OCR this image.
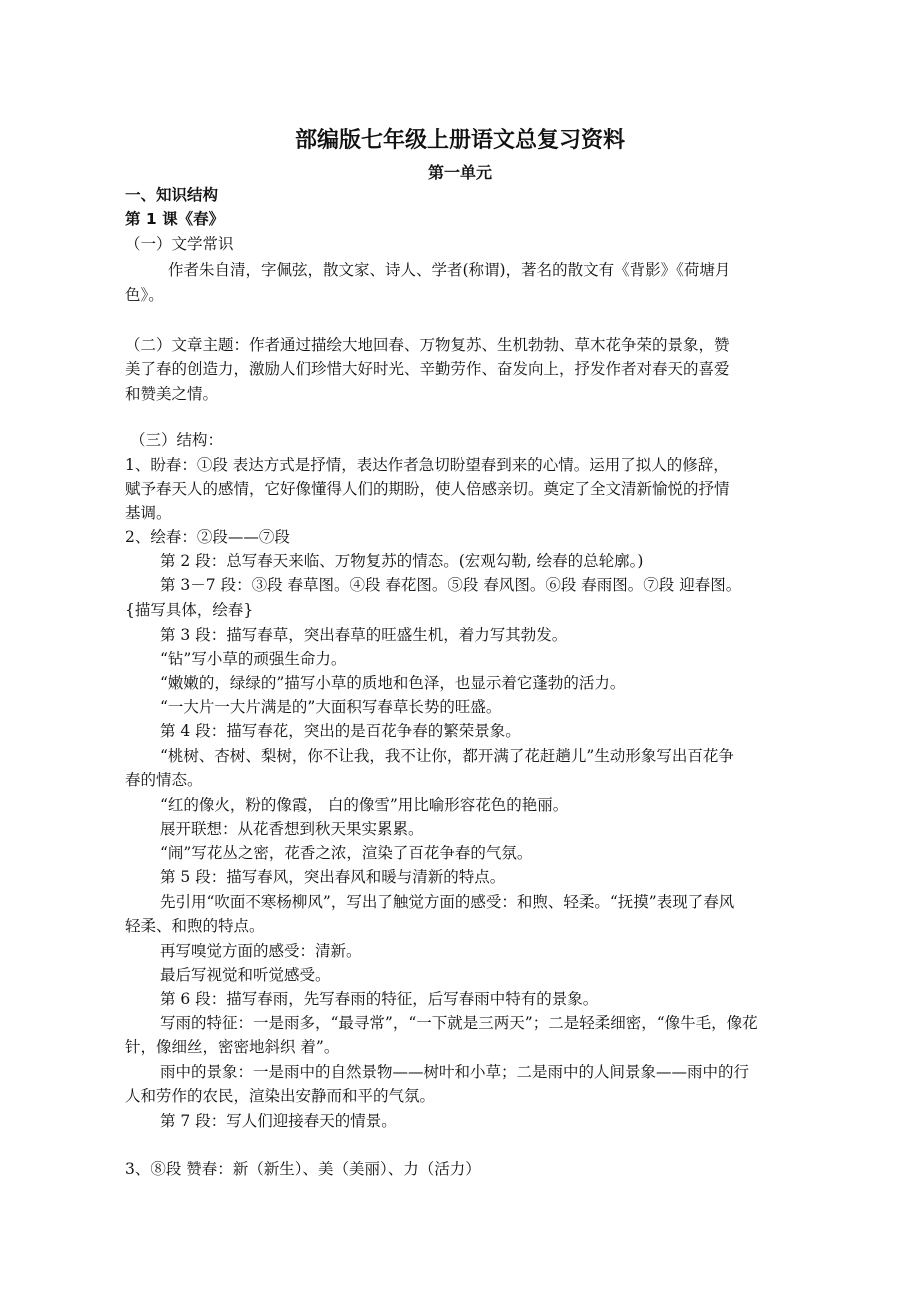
部编版七年级上册语文总复习资料
第一单元
一、知识结构
第 1 课《春》
（一）文学常识
作者朱自清，字佩弦，散文家、诗人、学者(称谓)，著名的散文有《背影》《荷塘月
色》。
（二）文章主题：作者通过描绘大地回春、万物复苏、生机勃勃、草木花争荣的景象，赞
美了春的创造力，激励人们珍惜大好时光、辛勤劳作、奋发向上，抒发作者对春天的喜爱
和赞美之情。
（三）结构：
1、盼春：①段 表达方式是抒情，表达作者急切盼望春到来的心情。运用了拟人的修辞，
赋予春天人的感情，它好像懂得人们的期盼，使人倍感亲切。奠定了全文清新愉悦的抒情
基调。
2、绘春：②段——⑦段
第 2 段：总写春天来临、万物复苏的情态。(宏观勾勒, 绘春的总轮廓。)
第 3－7 段：③段 春草图。④段 春花图。⑤段 春风图。⑥段 春雨图。⑦段 迎春图。
{描写具体，绘春}
第 3 段：描写春草，突出春草的旺盛生机，着力写其勃发。
“钻”写小草的顽强生命力。
“嫩嫩的，绿绿的”描写小草的质地和色泽，也显示着它蓬勃的活力。
“一大片一大片满是的”大面积写春草长势的旺盛。
第 4 段：描写春花，突出的是百花争春的繁荣景象。
“桃树、杏树、梨树，你不让我，我不让你，都开满了花赶趟儿”生动形象写出百花争
春的情态。
“红的像火，粉的像霞， 白的像雪”用比喻形容花色的艳丽。
展开联想：从花香想到秋天果实累累。
“闹”写花丛之密，花香之浓，渲染了百花争春的气氛。
第 5 段：描写春风，突出春风和暖与清新的特点。
先引用“吹面不寒杨柳风”，写出了触觉方面的感受：和煦、轻柔。“抚摸”表现了春风
轻柔、和煦的特点。
再写嗅觉方面的感受：清新。
最后写视觉和听觉感受。
第 6 段：描写春雨，先写春雨的特征，后写春雨中特有的景象。
写雨的特征：一是雨多，“最寻常”，“一下就是三两天”；二是轻柔细密，“像牛毛，像花
针，像细丝，密密地斜织 着”。
雨中的景象：一是雨中的自然景物——树叶和小草；二是雨中的人间景象——雨中的行
人和劳作的农民，渲染出安静而和平的气氛。
第 7 段：写人们迎接春天的情景。
3、⑧段 赞春：新（新生）、美（美丽）、力（活力）
